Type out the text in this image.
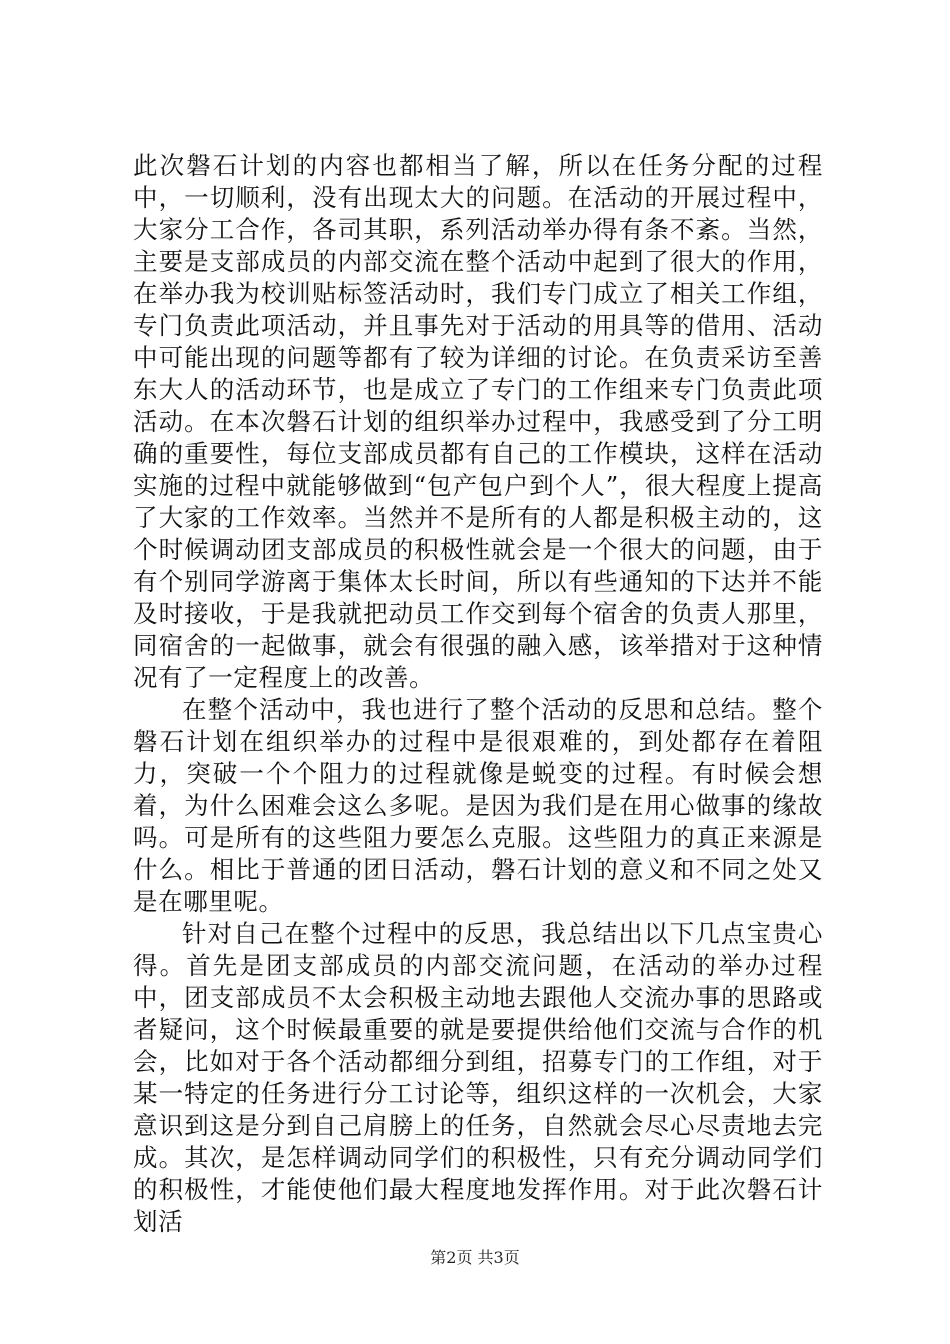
此次磐石计划的内容也都相当了解，所以在任务分配的过程中，一切顺利，没有出现太大的问题。在活动的开展过程中，大家分工合作，各司其职，系列活动举办得有条不紊。当然，主要是支部成员的内部交流在整个活动中起到了很大的作用，在举办我为校训贴标签活动时，我们专门成立了相关工作组，专门负责此项活动，并且事先对于活动的用具等的借用、活动中可能出现的问题等都有了较为详细的讨论。在负责采访至善东大人的活动环节，也是成立了专门的工作组来专门负责此项活动。在本次磐石计划的组织举办过程中，我感受到了分工明确的重要性，每位支部成员都有自己的工作模块，这样在活动实施的过程中就能够做到“包产包户到个人”，很大程度上提高了大家的工作效率。当然并不是所有的人都是积极主动的，这个时候调动团支部成员的积极性就会是一个很大的问题，由于有个别同学游离于集体太长时间，所以有些通知的下达并不能及时接收，于是我就把动员工作交到每个宿舍的负责人那里，同宿舍的一起做事，就会有很强的融入感，该举措对于这种情况有了一定程度上的改善。

在整个活动中，我也进行了整个活动的反思和总结。整个磐石计划在组织举办的过程中是很艰难的，到处都存在着阻力，突破一个个阻力的过程就像是蜕变的过程。有时候会想着，为什么困难会这么多呢。是因为我们是在用心做事的缘故吗。可是所有的这些阻力要怎么克服。这些阻力的真正来源是什么。相比于普通的团日活动，磐石计划的意义和不同之处又是在哪里呢。

针对自己在整个过程中的反思，我总结出以下几点宝贵心得。首先是团支部成员的内部交流问题，在活动的举办过程中，团支部成员不太会积极主动地去跟他人交流办事的思路或者疑问，这个时候最重要的就是要提供给他们交流与合作的机会，比如对于各个活动都细分到组，招募专门的工作组，对于某一特定的任务进行分工讨论等，组织这样的一次机会，大家意识到这是分到自己肩膀上的任务，自然就会尽心尽责地去完成。其次，是怎样调动同学们的积极性，只有充分调动同学们的积极性，才能使他们最大程度地发挥作用。对于此次磐石计划活

第2页 共3页
